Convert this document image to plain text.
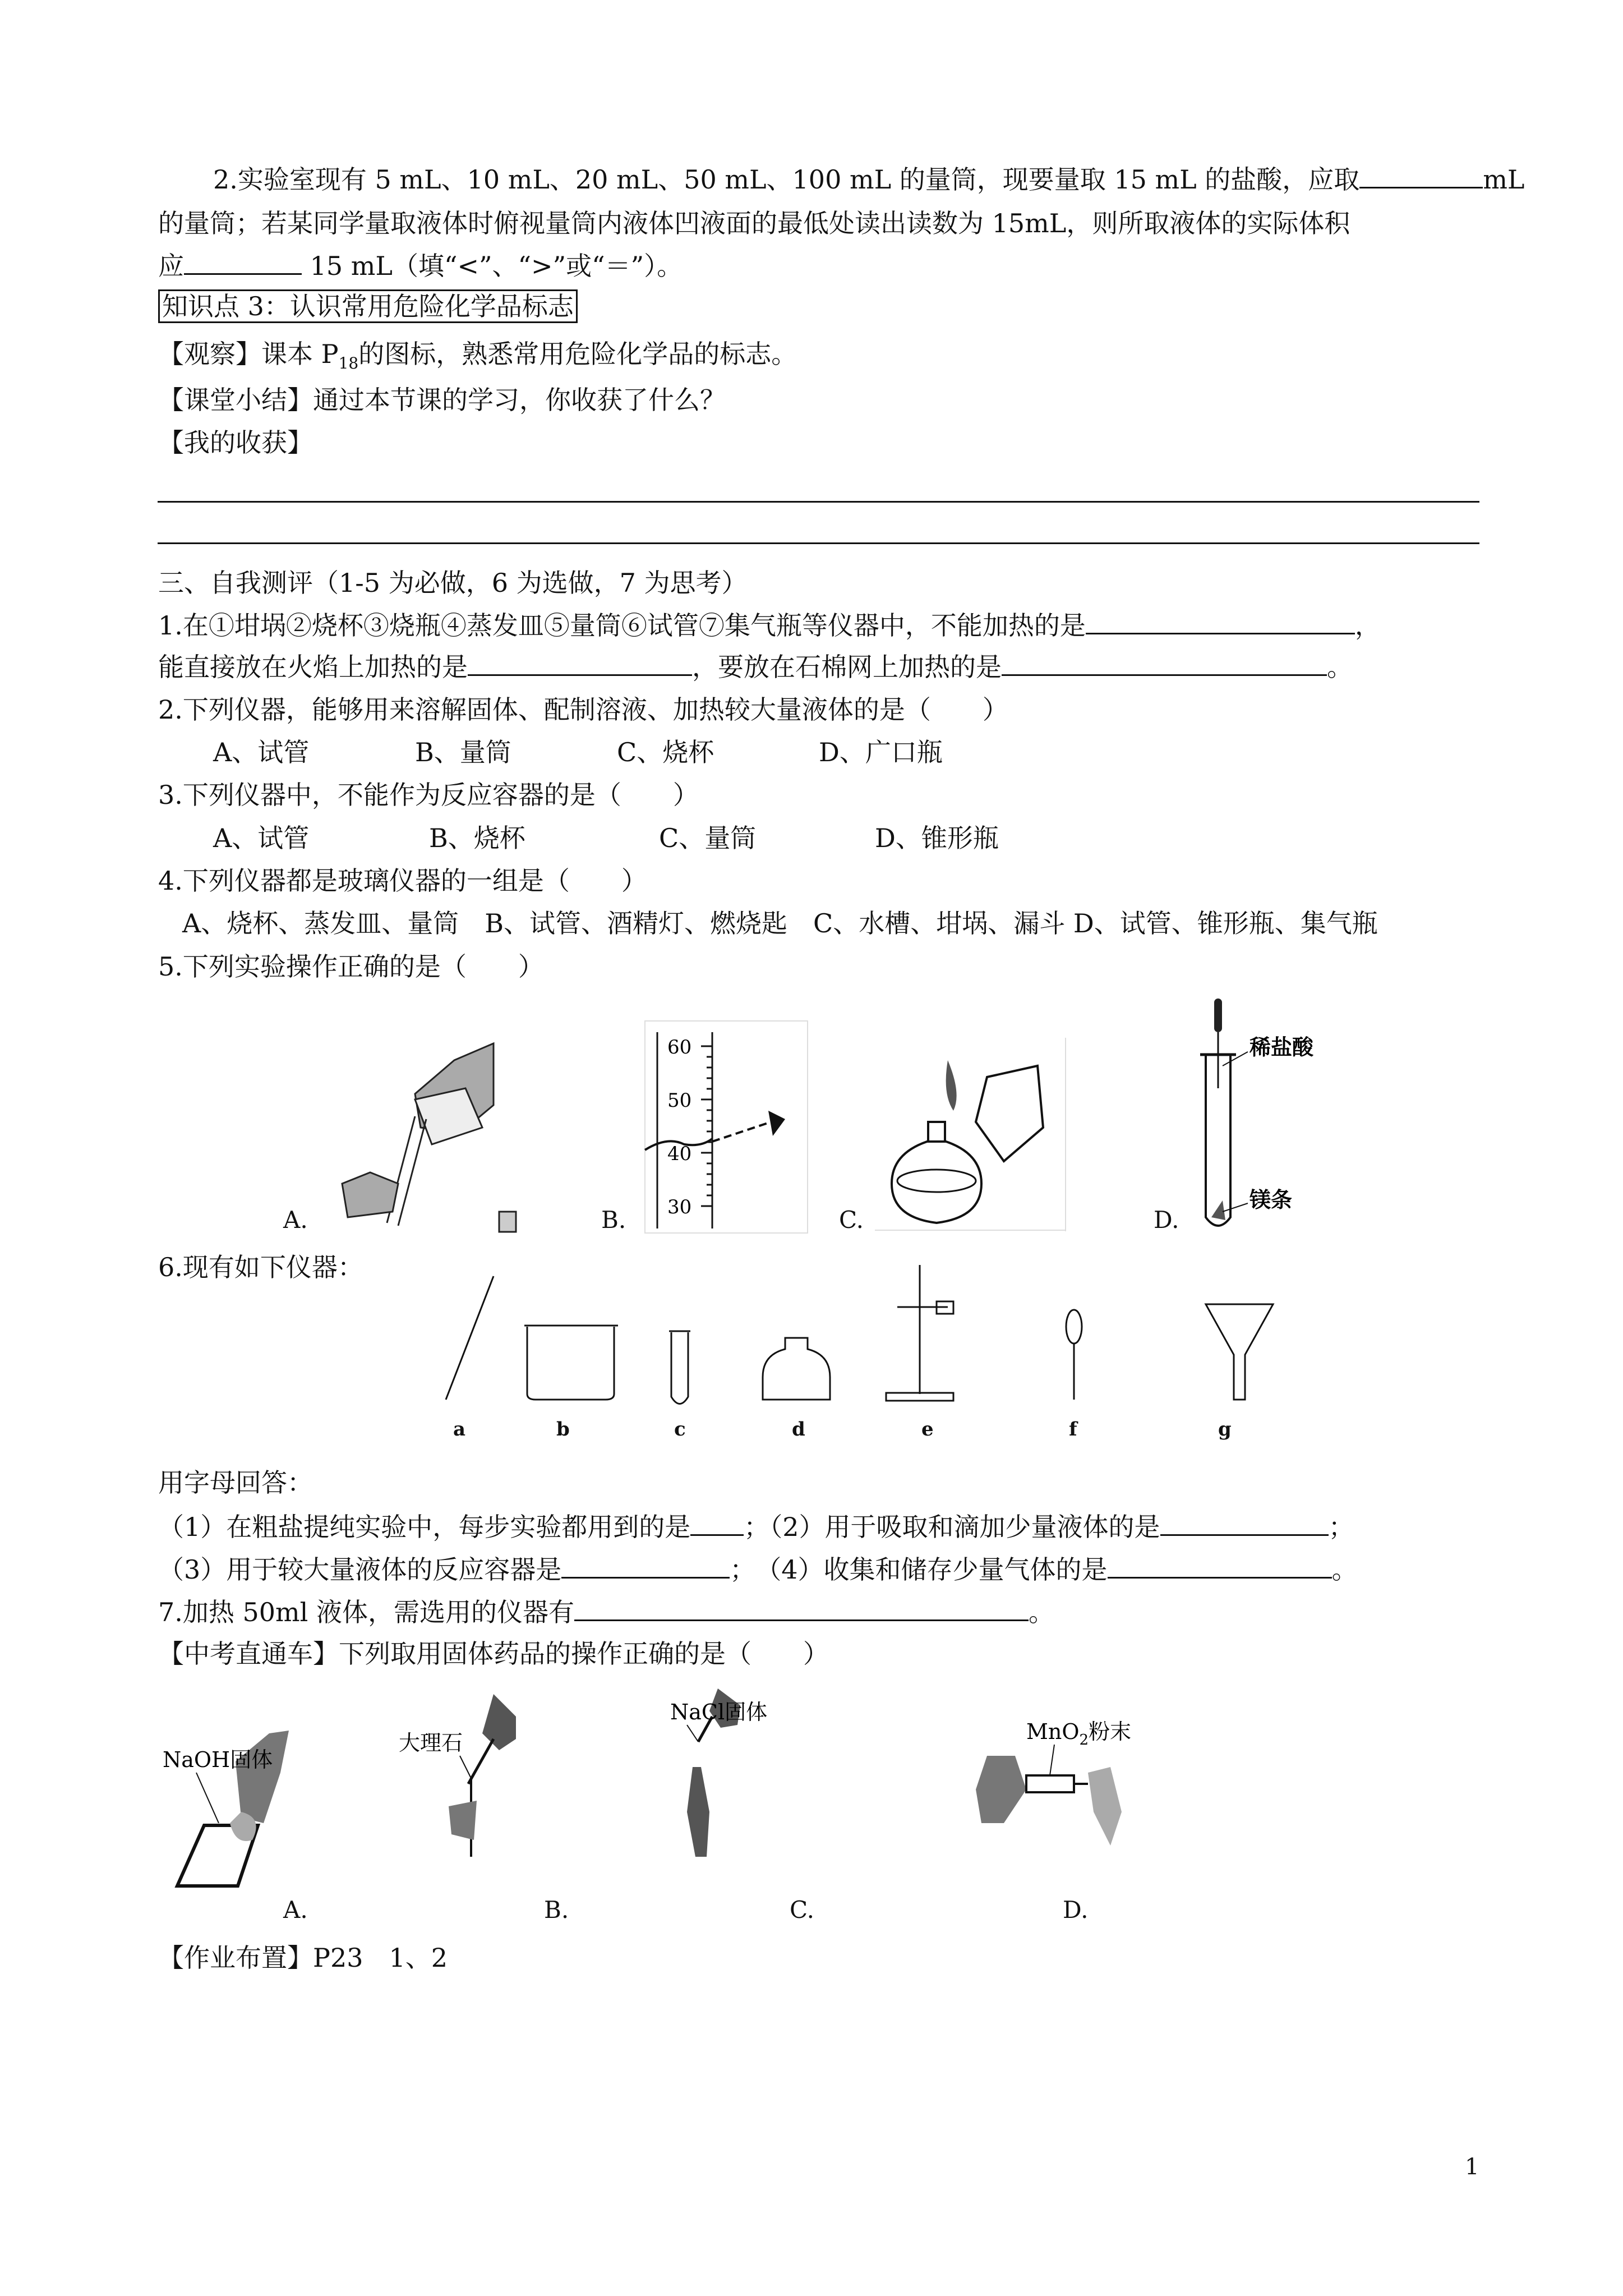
2.实验室现有 5 mL、10 mL、20 mL、50 mL、100 mL 的量筒，现要量取 15 mL 的盐酸，应取	mL
的量筒；若某同学量取液体时俯视量筒内液体凹液面的最低处读出读数为 15mL，则所取液体的实际体积
应	15 mL（填“<”、“>”或“＝”）。
知识点 3：认识常用危险化学品标志
【观察】课本 $P_{18}$的图标，熟悉常用危险化学品的标志。
【课堂小结】通过本节课的学习，你收获了什么？
【我的收获】
三、自我测评（1-5 为必做，6 为选做，7 为思考）
1.在①坩埚②烧杯③烧瓶④蒸发皿⑤量筒⑥试管⑦集气瓶等仪器中，不能加热的是	，
能直接放在火焰上加热的是	，要放在石棉网上加热的是	。
2.下列仪器，能够用来溶解固体、配制溶液、加热较大量液体的是（　　）
A、试管	B、量筒	C、烧杯	D、广口瓶
3.下列仪器中，不能作为反应容器的是（　　）
A、试管	B、烧杯	C、量筒	D、锥形瓶
4.下列仪器都是玻璃仪器的一组是（　　）
A、烧杯、蒸发皿、量筒　B、试管、酒精灯、燃烧匙　C、水槽、坩埚、漏斗 D、试管、锥形瓶、集气瓶
5.下列实验操作正确的是（　　）
A.	B.	C.	D.
60
50
40
30
稀盐酸
镁条
6.现有如下仪器：
a	b	c	d	e	f	g
用字母回答：
（1）在粗盐提纯实验中，每步实验都用到的是 ；（2）用于吸取和滴加少量液体的是	；
（3）用于较大量液体的反应容器是	；　（4）收集和储存少量气体的是	。
7.加热 50ml 液体，需选用的仪器有	。
【中考直通车】下列取用固体药品的操作正确的是（　　）
NaOH固体
大理石
NaCl固体
MnO$_2$粉末
A.	B.	C.	D.
【作业布置】P23　1、2
1
